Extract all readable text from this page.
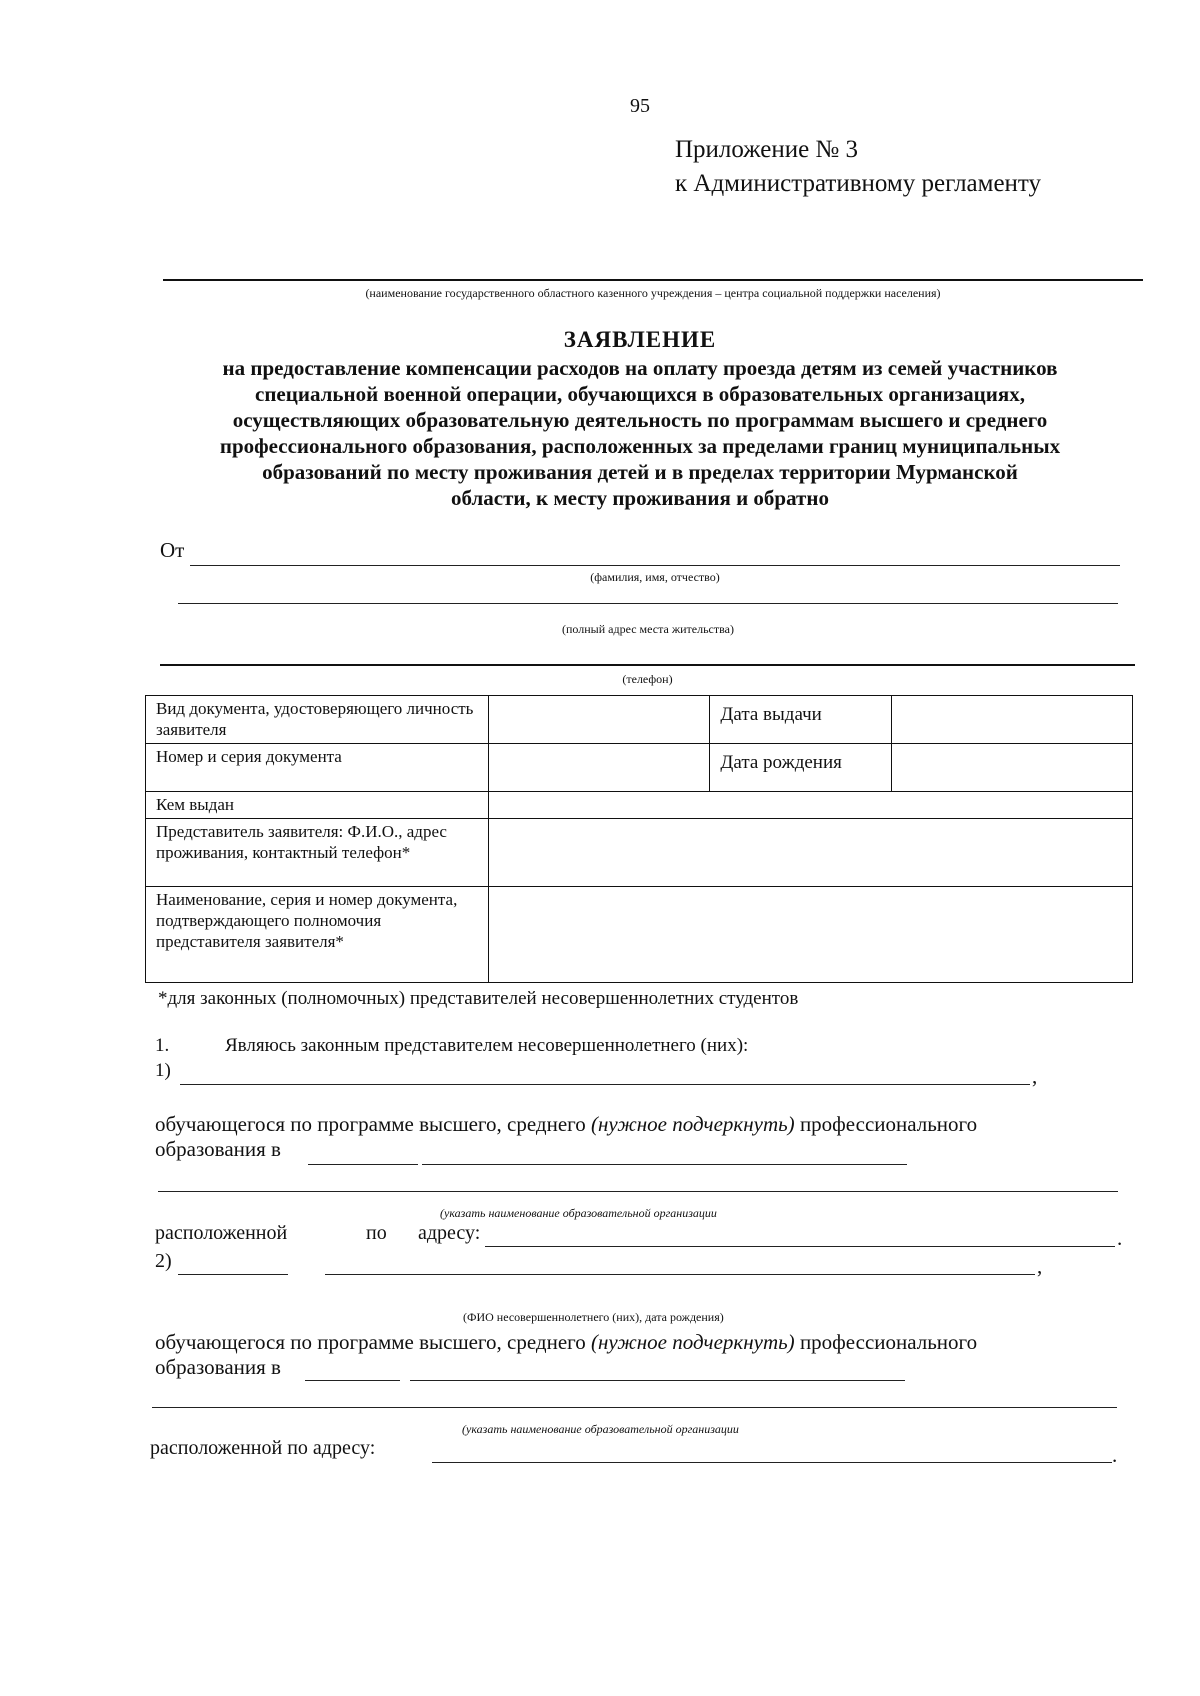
95
Приложение № 3
к Административному регламенту
(наименование государственного областного казенного учреждения – центра социальной поддержки населения)
ЗАЯВЛЕНИЕ
на предоставление компенсации расходов на оплату проезда детям из семей участников
специальной военной операции, обучающихся в образовательных организациях,
осуществляющих образовательную деятельность по программам высшего и среднего
профессионального образования, расположенных за пределами границ муниципальных
образований по месту проживания детей и в пределах территории Мурманской
области, к месту проживания и обратно
От
(фамилия, имя, отчество)
(полный адрес места жительства)
(телефон)
Вид документа, удостоверяющего личность заявителя		Дата выдачи	
Номер и серия документа		Дата рождения	
Кем выдан			
Представитель заявителя: Ф.И.О., адрес проживания, контактный телефон*			
Наименование, серия и номер документа, подтверждающего полномочия представителя заявителя*			
*для законных (полномочных) представителей несовершеннолетних студентов
1.	Являюсь законным представителем несовершеннолетнего (них):
1)	,
обучающегося по программе высшего, среднего (нужное подчеркнуть) профессионального
образования в
(указать наименование образовательной организации
расположенной	по адресу:	.
2)	,
(ФИО несовершеннолетнего (них), дата рождения)
обучающегося по программе высшего, среднего (нужное подчеркнуть) профессионального
образования в
(указать наименование образовательной организации
расположенной по адресу:	.
